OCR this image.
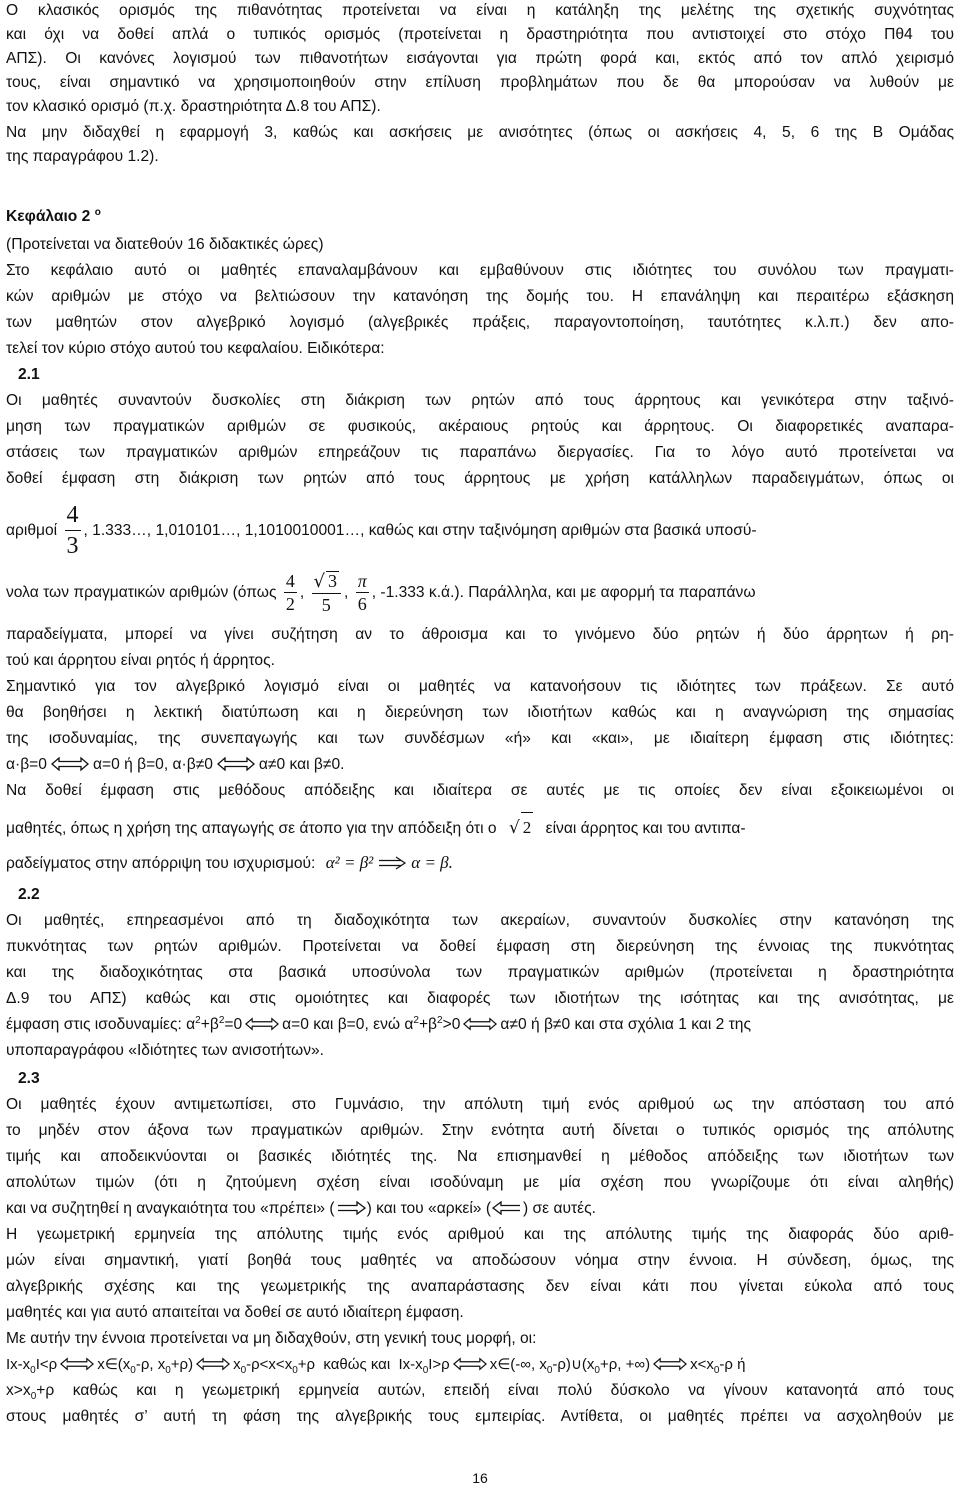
Ο κλασικός ορισμός της πιθανότητας προτείνεται να είναι η κατάληξη της μελέτης της σχετικής συχνότητας
και όχι να δοθεί απλά ο τυπικός ορισμός (προτείνεται η δραστηριότητα που αντιστοιχεί στο στόχο Πθ4 του
ΑΠΣ). Οι κανόνες λογισμού των πιθανοτήτων εισάγονται για πρώτη φορά και, εκτός από τον απλό χειρισμό
τους, είναι σημαντικό να χρησιμοποιηθούν στην επίλυση προβλημάτων που δε θα μπορούσαν να λυθούν με
τον κλασικό ορισμό (π.χ. δραστηριότητα Δ.8 του ΑΠΣ).
Να μην διδαχθεί η εφαρμογή 3, καθώς και ασκήσεις με ανισότητες (όπως οι ασκήσεις 4, 5, 6 της Β Ομάδας
της παραγράφου 1.2).
Κεφάλαιο 2 $^o$
(Προτείνεται να διατεθούν 16 διδακτικές ώρες)
Στο κεφάλαιο αυτό οι μαθητές επαναλαμβάνουν και εμβαθύνουν στις ιδιότητες του συνόλου των πραγματι-
κών αριθμών με στόχο να βελτιώσουν την κατανόηση της δομής του. Η επανάληψη και περαιτέρω εξάσκηση
των μαθητών στον αλγεβρικό λογισμό (αλγεβρικές πράξεις, παραγοντοποίηση, ταυτότητες κ.λ.π.) δεν απο-
τελεί τον κύριο στόχο αυτού του κεφαλαίου. Ειδικότερα:
2.1
Οι μαθητές συναντούν δυσκολίες στη διάκριση των ρητών από τους άρρητους και γενικότερα στην ταξινό-
μηση των πραγματικών αριθμών σε φυσικούς, ακέραιους ρητούς και άρρητους. Οι διαφορετικές αναπαρα-
στάσεις των πραγματικών αριθμών επηρεάζουν τις παραπάνω διεργασίες. Για το λόγο αυτό προτείνεται να
δοθεί έμφαση στη διάκριση των ρητών από τους άρρητους με χρήση κατάλληλων παραδειγμάτων, όπως οι
αριθμοί $\frac{4}{3}$ , 1.333…, 1,010101…, 1,1010010001…, καθώς και στην ταξινόμηση αριθμών στα βασικά υποσύ-
νολα των πραγματικών αριθμών ($ό\pi\omega\varsigma \frac{4}{2}$ , $\frac{√ 3}{5}$ , $\frac{\pi}{6}$ , -1.333 κ.ά.). Παράλληλα, και με αφορμή τα παραπάνω
παραδείγματα, μπορεί να γίνει συζήτηση αν το άθροισμα και το γινόμενο δύο ρητών ή δύο άρρητων ή ρη-
τού και άρρητου είναι ρητός ή άρρητος.
Σημαντικό για τον αλγεβρικό λογισμό είναι οι μαθητές να κατανοήσουν τις ιδιότητες των πράξεων. Σε αυτό
θα βοηθήσει η λεκτική διατύπωση και η διερεύνηση των ιδιοτήτων καθώς και η αναγνώριση της σημασίας
της ισοδυναμίας, της συνεπαγωγής και των συνδέσμων «ή» και «και», με ιδιαίτερη έμφαση στις ιδιότητες:
α·β=0	α=0 ή β=0, α·β≠0	α≠0 και β≠0.
Να δοθεί έμφαση στις μεθόδους απόδειξης και ιδιαίτερα σε αυτές με τις οποίες δεν είναι εξοικειωμένοι οι
μαθητές, όπως η χρήση της απαγωγής σε άτοπο για την απόδειξη ότι ο √ 2 είναι άρρητος και του αντιπα-
ραδείγματος στην απόρριψη του ισχυρισμού: α² = β² α = β.
2.2
Οι μαθητές, επηρεασμένοι από τη διαδοχικότητα των ακεραίων, συναντούν δυσκολίες στην κατανόηση της
πυκνότητας των ρητών αριθμών. Προτείνεται να δοθεί έμφαση στη διερεύνηση της έννοιας της πυκνότητας
και της διαδοχικότητας στα βασικά υποσύνολα των πραγματικών αριθμών (προτείνεται η δραστηριότητα
Δ.9 του ΑΠΣ) καθώς και στις ομοιότητες και διαφορές των ιδιοτήτων της ισότητας και της ανισότητας, με
έμφαση στις ισοδυναμίες: $\alpha^2+\beta^2=0$	α=0 και β=0, ενώ $\alpha^2+\beta^2>0$	α≠0 ή β≠0 και στα σχόλια 1 και 2 της
υποπαραγράφου «Ιδιότητες των ανισοτήτων».
2.3
Οι μαθητές έχουν αντιμετωπίσει, στο Γυμνάσιο, την απόλυτη τιμή ενός αριθμού ως την απόσταση του από
το μηδέν στον άξονα των πραγματικών αριθμών. Στην ενότητα αυτή δίνεται ο τυπικός ορισμός της απόλυτης
τιμής και αποδεικνύονται οι βασικές ιδιότητές της. Να επισημανθεί η μέθοδος απόδειξης των ιδιοτήτων των
απολύτων τιμών (ότι η ζητούμενη σχέση είναι ισοδύναμη με μία σχέση που γνωρίζουμε ότι είναι αληθής)
και να συζητηθεί η αναγκαιότητα του «πρέπει» ( ) και του «αρκεί» ( ) σε αυτές.
Η γεωμετρική ερμηνεία της απόλυτης τιμής ενός αριθμού και της απόλυτης τιμής της διαφοράς δύο αριθ-
μών είναι σημαντική, γιατί βοηθά τους μαθητές να αποδώσουν νόημα στην έννοια. Η σύνδεση, όμως, της
αλγεβρικής σχέσης και της γεωμετρικής της αναπαράστασης δεν είναι κάτι που γίνεται εύκολα από τους
μαθητές και για αυτό απαιτείται να δοθεί σε αυτό ιδιαίτερη έμφαση.
Με αυτήν την έννοια προτείνεται να μη διδαχθούν, στη γενική τους μορφή, οι:
$Ix-x_0I<\rho$	$x\in(x_0-\rho$, $x_0+\rho$)	$x_0-\rho<x<x_0+\rho$ καθώς και $Ix-x_0I>\rho$	x∈(-∞, $x_0-\rho)\cup(x_0+\rho$, +∞)	$x<x_0-\rho$ ή
$x>x_0+\rho$ καθώς και η γεωμετρική ερμηνεία αυτών, επειδή είναι πολύ δύσκολο να γίνουν κατανοητά από τους
στους μαθητές σ’ αυτή τη φάση της αλγεβρικής τους εμπειρίας. Αντίθετα, οι μαθητές πρέπει να ασχοληθούν με
16
